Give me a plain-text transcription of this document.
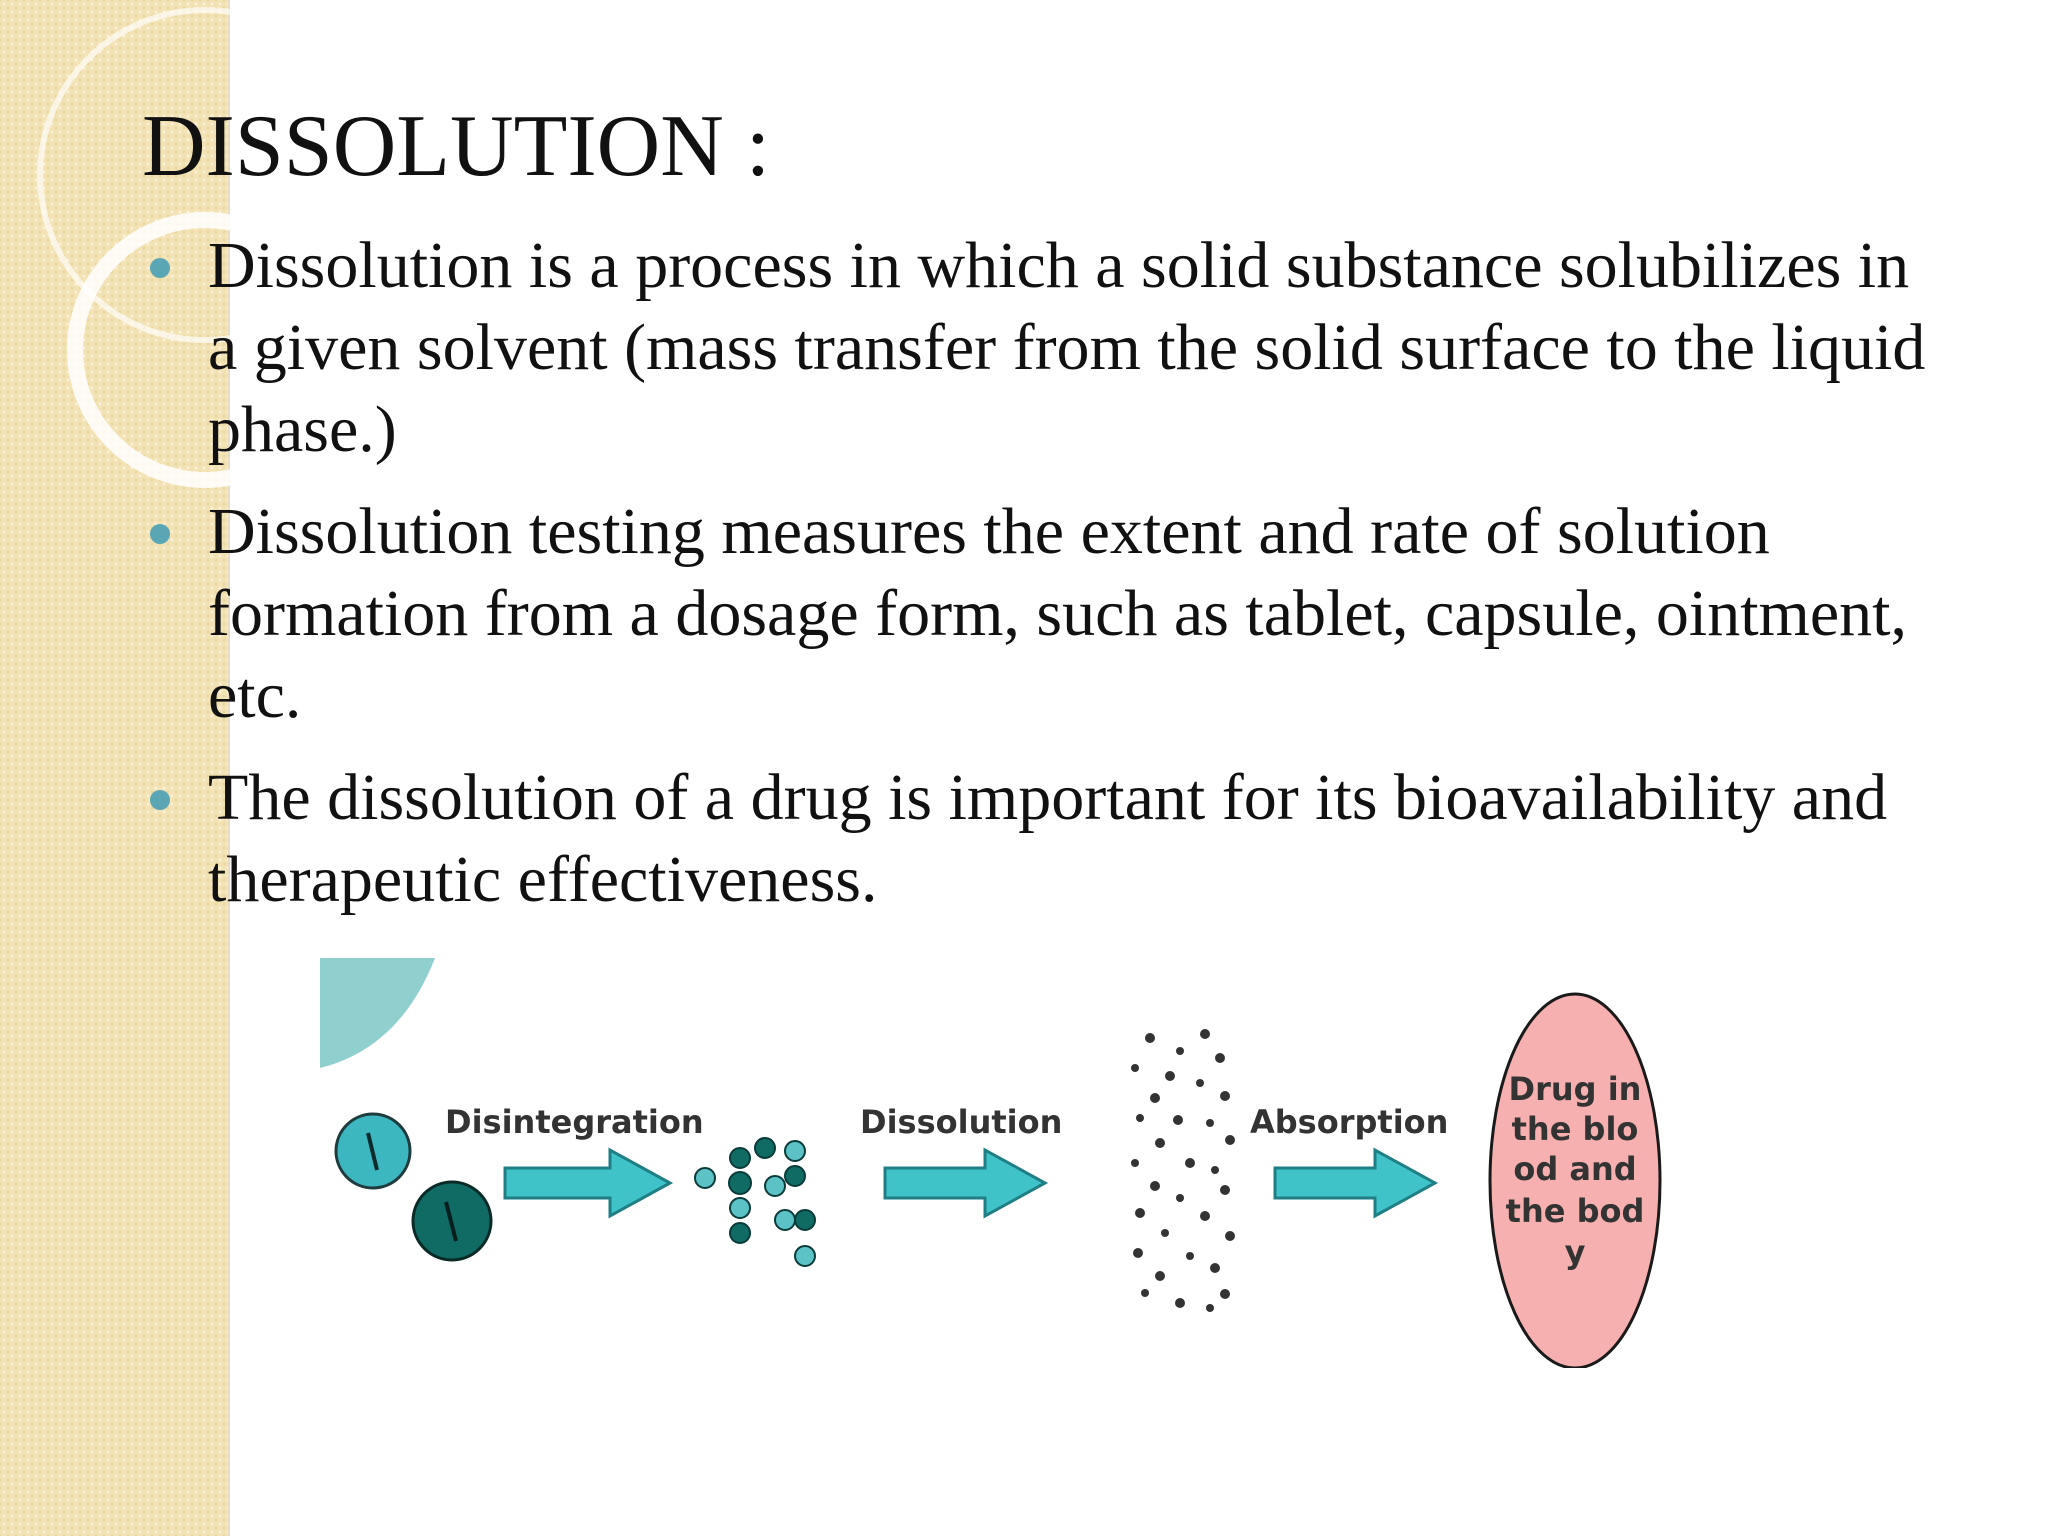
DISSOLUTION :
Dissolution is a process in which a solid substance solubilizes in a given solvent (mass transfer from the solid surface to the liquid phase.)
Dissolution testing measures the extent and rate of solution formation from a dosage form, such as tablet, capsule, ointment, etc.
The dissolution of a drug is important for its bioavailability and therapeutic effectiveness.
Disintegration	Dissolution	Absorption
Drug in
the blo
od and
the bod
y
